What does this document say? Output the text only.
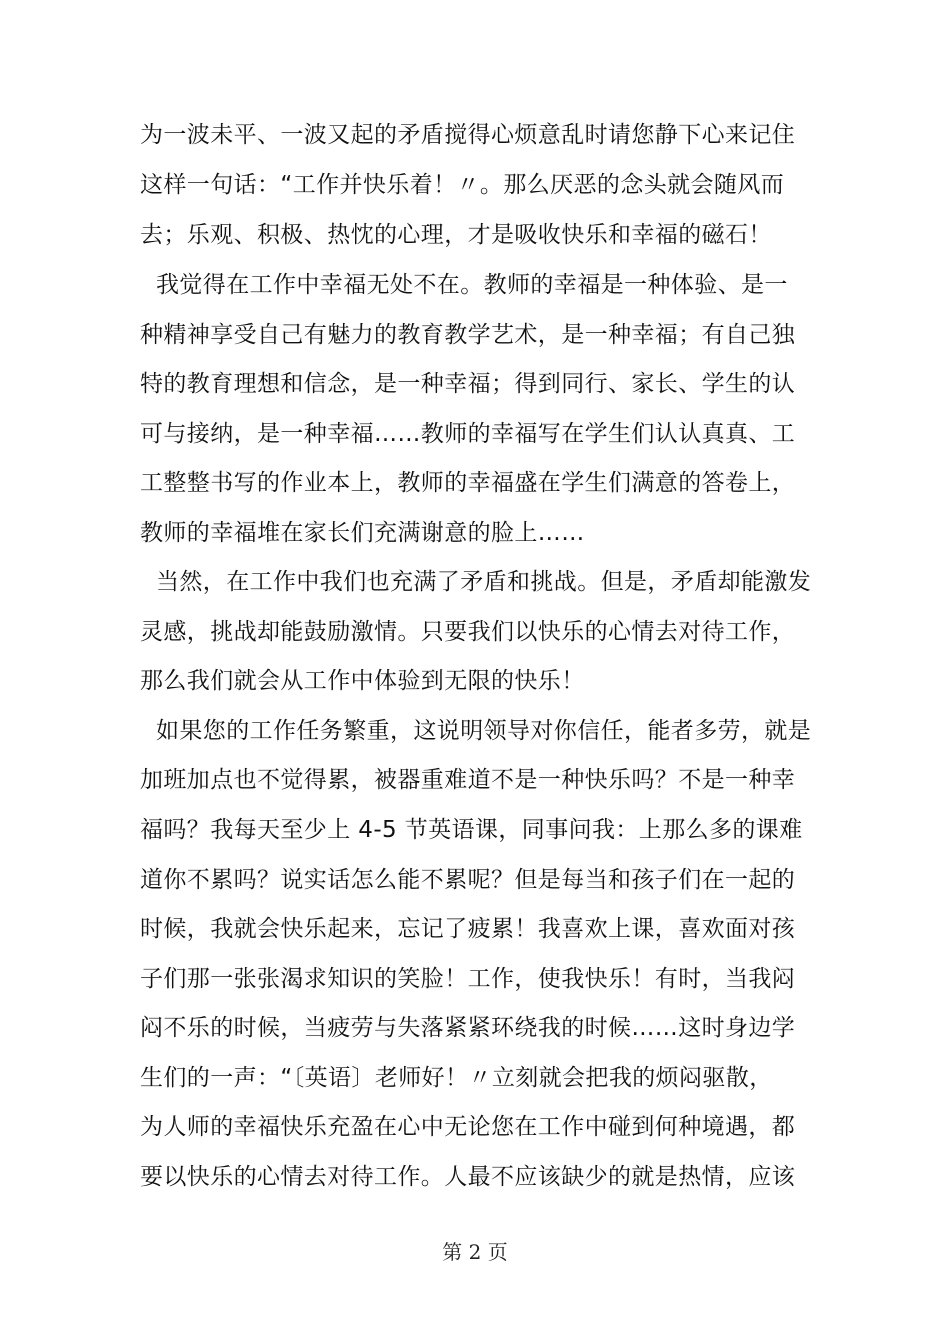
为一波未平、一波又起的矛盾搅得心烦意乱时请您静下心来记住
这样一句话：“工作并快乐着！〃。那么厌恶的念头就会随风而
去；乐观、积极、热忱的心理，才是吸收快乐和幸福的磁石！
我觉得在工作中幸福无处不在。教师的幸福是一种体验、是一
种精神享受自己有魅力的教育教学艺术，是一种幸福；有自己独
特的教育理想和信念，是一种幸福；得到同行、家长、学生的认
可与接纳，是一种幸福……教师的幸福写在学生们认认真真、工
工整整书写的作业本上，教师的幸福盛在学生们满意的答卷上，
教师的幸福堆在家长们充满谢意的脸上……
当然，在工作中我们也充满了矛盾和挑战。但是，矛盾却能激发
灵感，挑战却能鼓励激情。只要我们以快乐的心情去对待工作，
那么我们就会从工作中体验到无限的快乐！
如果您的工作任务繁重，这说明领导对你信任，能者多劳，就是
加班加点也不觉得累，被器重难道不是一种快乐吗？不是一种幸
福吗？我每天至少上 4-5 节英语课，同事问我：上那么多的课难
道你不累吗？说实话怎么能不累呢？但是每当和孩子们在一起的
时候，我就会快乐起来，忘记了疲累！我喜欢上课，喜欢面对孩
子们那一张张渴求知识的笑脸！工作，使我快乐！有时，当我闷
闷不乐的时候，当疲劳与失落紧紧环绕我的时候……这时身边学
生们的一声：“〔英语〕老师好！〃立刻就会把我的烦闷驱散，
为人师的幸福快乐充盈在心中无论您在工作中碰到何种境遇，都
要以快乐的心情去对待工作。人最不应该缺少的就是热情，应该
第 2 页
